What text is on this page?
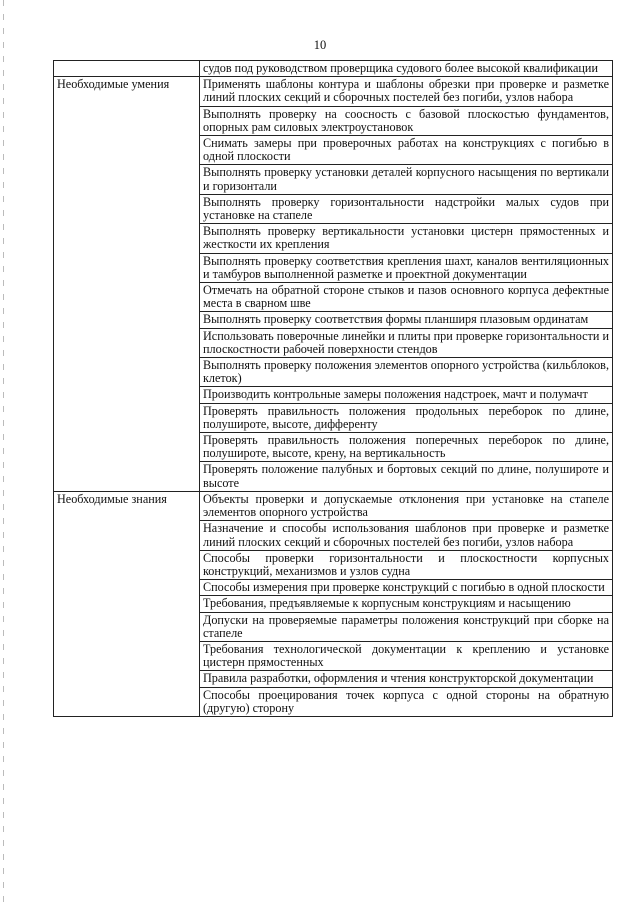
10
	судов под руководством проверщика судового более высокой квалификации
Необходимые умения	Применять шаблоны контура и шаблоны обрезки при проверке и разметке линий плоских секций и сборочных постелей без погиби, узлов набора
	Выполнять проверку на соосность с базовой плоскостью фундаментов, опорных рам силовых электроустановок
	Снимать замеры при проверочных работах на конструкциях с погибью в одной плоскости
	Выполнять проверку установки деталей корпусного насыщения по вертикали и горизонтали
	Выполнять проверку горизонтальности надстройки малых судов при установке на стапеле
	Выполнять проверку вертикальности установки цистерн прямостенных и жесткости их крепления
	Выполнять проверку соответствия крепления шахт, каналов вентиляционных и тамбуров выполненной разметке и проектной документации
	Отмечать на обратной стороне стыков и пазов основного корпуса дефектные места в сварном шве
	Выполнять проверку соответствия формы планширя плазовым ординатам
	Использовать поверочные линейки и плиты при проверке горизонтальности и плоскостности рабочей поверхности стендов
	Выполнять проверку положения элементов опорного устройства (кильблоков, клеток)
	Производить контрольные замеры положения надстроек, мачт и полумачт
	Проверять правильность положения продольных переборок по длине, полушироте, высоте, дифференту
	Проверять правильность положения поперечных переборок по длине, полушироте, высоте, крену, на вертикальность
	Проверять положение палубных и бортовых секций по длине, полушироте и высоте
Необходимые знания	Объекты проверки и допускаемые отклонения при установке на стапеле элементов опорного устройства
	Назначение и способы использования шаблонов при проверке и разметке линий плоских секций и сборочных постелей без погиби, узлов набора
	Способы проверки горизонтальности и плоскостности корпусных конструкций, механизмов и узлов судна
	Способы измерения при проверке конструкций с погибью в одной плоскости
	Требования, предъявляемые к корпусным конструкциям и насыщению
	Допуски на проверяемые параметры положения конструкций при сборке на стапеле
	Требования технологической документации к креплению и установке цистерн прямостенных
	Правила разработки, оформления и чтения конструкторской документации
	Способы проецирования точек корпуса с одной стороны на обратную (другую) сторону
